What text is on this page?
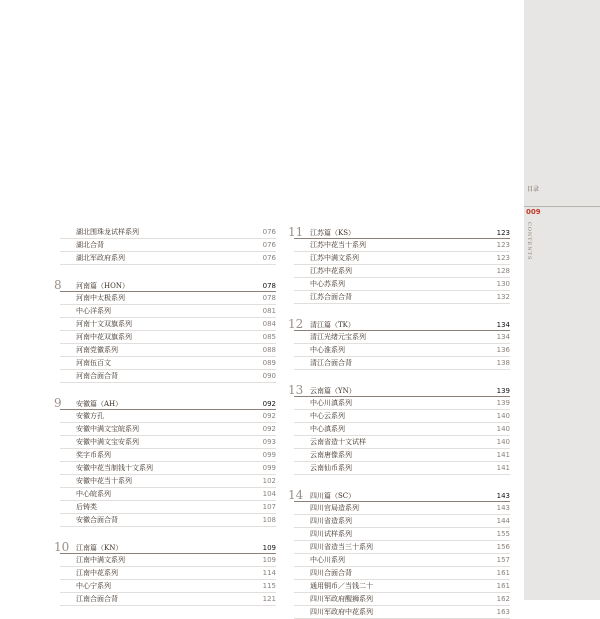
目录
009
CONTENTS
湖北围珠龙试样系列	076
湖北合背	076
湖北军政府系列	076
8 河南篇（HON）	078
河南中太极系列	078
中心洋系列	081
河南十文双旗系列	084
河南中花双旗系列	085
河南党徽系列	088
河南伍百文	089
河南合面合背	090
9 安徽篇（AH）	092
安徽方孔	092
安徽中满文宝皖系列	092
安徽中满文宝安系列	093
奖字币系列	099
安徽中花当制钱十文系列	099
安徽中花当十系列	102
中心皖系列	104
后铸类	107
安徽合面合背	108
10 江南篇（KN）	109
江南中满文系列	109
江南中花系列	114
中心宁系列	115
江南合面合背	121
11 江苏篇（KS）	123
江苏中花当十系列	123
江苏中满文系列	123
江苏中花系列	128
中心苏系列	130
江苏合面合背	132
12 清江篇（TK）	134
清江光绪元宝系列	134
中心淮系列	136
清江合面合背	138
13 云南篇（YN）	139
中心川滇系列	139
中心云系列	140
中心滇系列	140
云南省造十文试样	140
云南唐像系列	141
云南仙币系列	141
14 四川篇（SC）	143
四川官局造系列	143
四川省造系列	144
四川试样系列	155
四川省造当三十系列	156
中心川系列	157
四川合面合背	161
通用铜币／当钱二十	161
四川军政府醒狮系列	162
四川军政府中花系列	163
